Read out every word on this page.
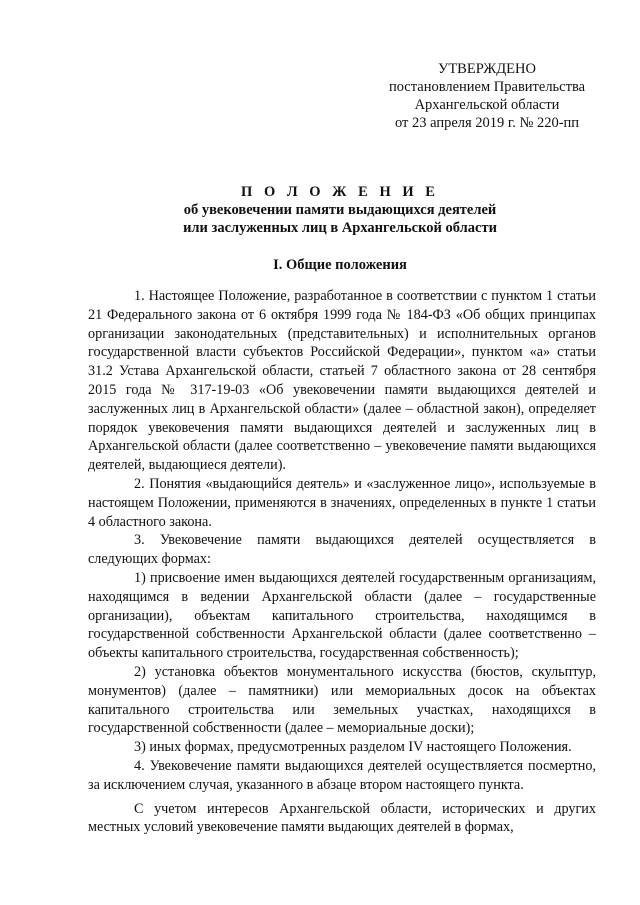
УТВЕРЖДЕНО
постановлением Правительства
Архангельской области
от 23 апреля 2019 г. № 220-пп
П О Л О Ж Е Н И Е
об увековечении памяти выдающихся деятелей
или заслуженных лиц в Архангельской области
I. Общие положения

1. Настоящее Положение, разработанное в соответствии с пунктом 1 статьи 21 Федерального закона от 6 октября 1999 года № 184-ФЗ «Об общих принципах организации законодательных (представительных) и исполнительных органов государственной власти субъектов Российской Федерации», пунктом «а» статьи 31.2 Устава Архангельской области, статьей 7 областного закона от 28 сентября 2015 года № 317-19-03 «Об увековечении памяти выдающихся деятелей и заслуженных лиц в Архангельской области» (далее – областной закон), определяет порядок увековечения памяти выдающихся деятелей и заслуженных лиц в Архангельской области (далее соответственно – увековечение памяти выдающихся деятелей, выдающиеся деятели).

2. Понятия «выдающийся деятель» и «заслуженное лицо», используемые в настоящем Положении, применяются в значениях, определенных в пункте 1 статьи 4 областного закона.

3. Увековечение памяти выдающихся деятелей осуществляется в следующих формах:

1) присвоение имен выдающихся деятелей государственным организациям, находящимся в ведении Архангельской области (далее – государственные организации), объектам капитального строительства, находящимся в государственной собственности Архангельской области (далее соответственно – объекты капитального строительства, государственная собственность);

2) установка объектов монументального искусства (бюстов, скульптур, монументов) (далее – памятники) или мемориальных досок на объектах капитального строительства или земельных участках, находящихся в государственной собственности (далее – мемориальные доски);

3) иных формах, предусмотренных разделом IV настоящего Положения.

4. Увековечение памяти выдающихся деятелей осуществляется посмертно, за исключением случая, указанного в абзаце втором настоящего пункта.

С учетом интересов Архангельской области, исторических и других местных условий увековечение памяти выдающих деятелей в формах,
